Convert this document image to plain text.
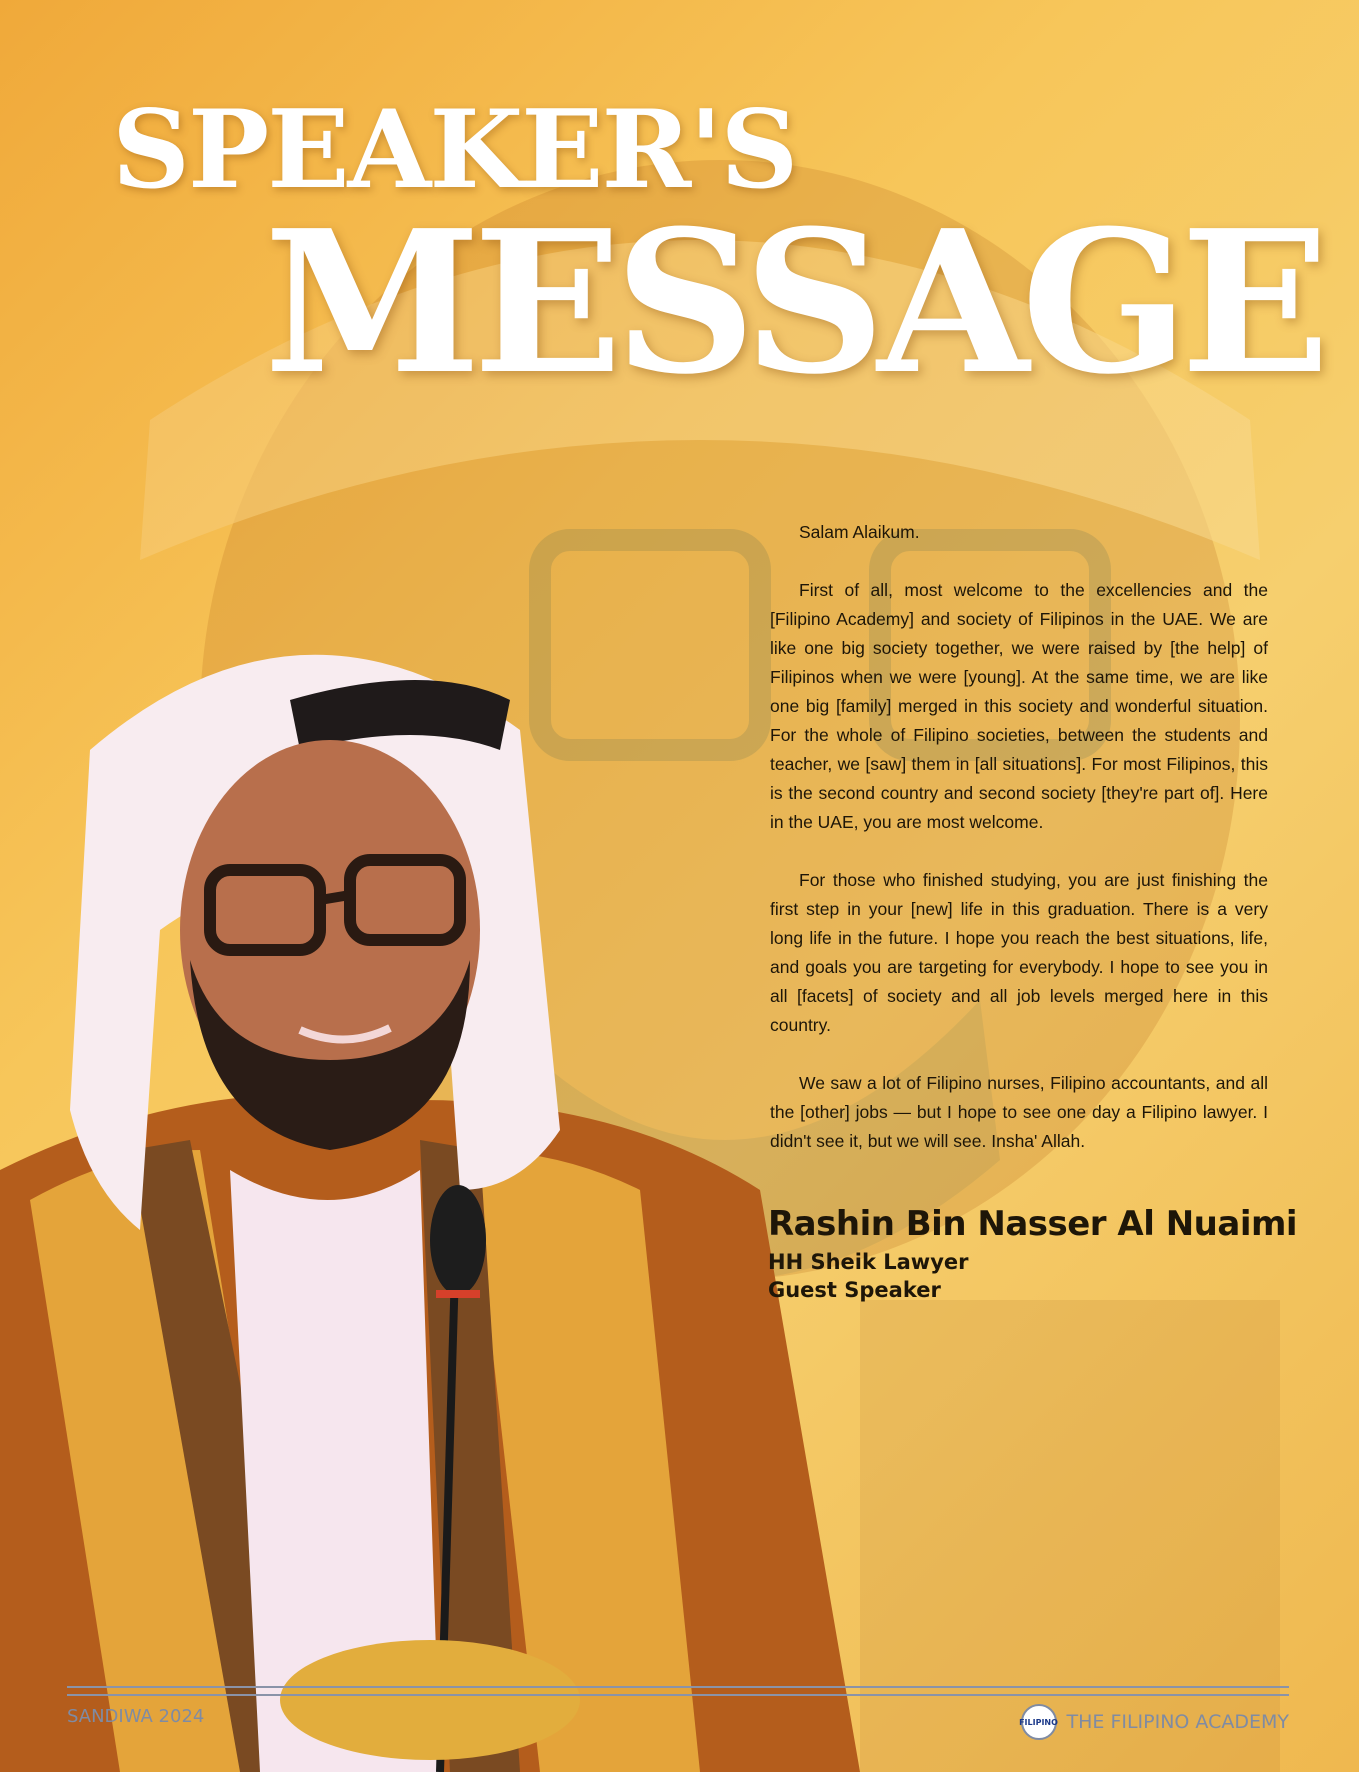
SPEAKER'S
MESSAGE

Salam Alaikum.

First of all, most welcome to the excellencies and the [Filipino Academy] and society of Filipinos in the UAE. We are like one big society together, we were raised by [the help] of Filipinos when we were [young]. At the same time, we are like one big [family] merged in this society and wonderful situation. For the whole of Filipino societies, between the students and teacher, we [saw] them in [all situations]. For most Filipinos, this is the second country and second society [they're part of]. Here in the UAE, you are most welcome.

For those who finished studying, you are just finishing the first step in your [new] life in this graduation. There is a very long life in the future. I hope you reach the best situations, life, and goals you are targeting for everybody. I hope to see you in all [facets] of society and all job levels merged here in this country.

We saw a lot of Filipino nurses, Filipino accountants, and all the [other] jobs — but I hope to see one day a Filipino lawyer. I didn't see it, but we will see. Insha' Allah.

Rashin Bin Nasser Al Nuaimi

HH Sheik Lawyer

Guest Speaker

SANDIWA 2024	FILIPINO THE FILIPINO ACADEMY
